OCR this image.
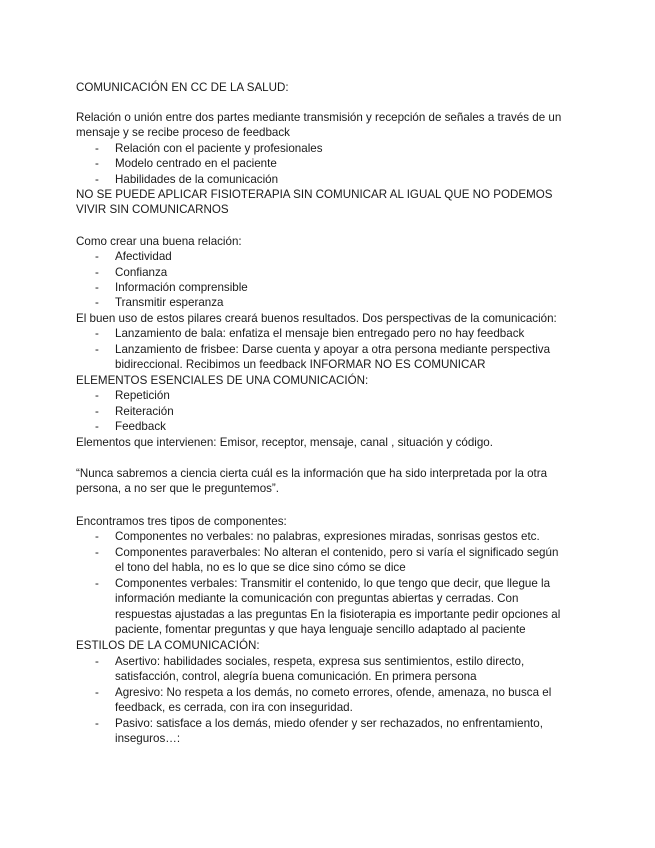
COMUNICACIÓN EN CC DE LA SALUD:
Relación o unión entre dos partes mediante transmisión y recepción de señales a través de un
mensaje y se recibe proceso de feedback
- Relación con el paciente y profesionales
- Modelo centrado en el paciente
- Habilidades de la comunicación
NO SE PUEDE APLICAR FISIOTERAPIA SIN COMUNICAR AL IGUAL QUE NO PODEMOS
VIVIR SIN COMUNICARNOS
Como crear una buena relación:
- Afectividad
- Confianza
- Información comprensible
- Transmitir esperanza
El buen uso de estos pilares creará buenos resultados. Dos perspectivas de la comunicación:
- Lanzamiento de bala: enfatiza el mensaje bien entregado pero no hay feedback
- Lanzamiento de frisbee: Darse cuenta y apoyar a otra persona mediante perspectiva
bidireccional. Recibimos un feedback INFORMAR NO ES COMUNICAR
ELEMENTOS ESENCIALES DE UNA COMUNICACIÓN:
- Repetición
- Reiteración
- Feedback
Elementos que intervienen: Emisor, receptor, mensaje, canal , situación y código.
“Nunca sabremos a ciencia cierta cuál es la información que ha sido interpretada por la otra
persona, a no ser que le preguntemos”.
Encontramos tres tipos de componentes:
- Componentes no verbales: no palabras, expresiones miradas, sonrisas gestos etc.
- Componentes paraverbales: No alteran el contenido, pero si varía el significado según
el tono del habla, no es lo que se dice sino cómo se dice
- Componentes verbales: Transmitir el contenido, lo que tengo que decir, que llegue la
información mediante la comunicación con preguntas abiertas y cerradas. Con
respuestas ajustadas a las preguntas En la fisioterapia es importante pedir opciones al
paciente, fomentar preguntas y que haya lenguaje sencillo adaptado al paciente
ESTILOS DE LA COMUNICACIÓN:
- Asertivo: habilidades sociales, respeta, expresa sus sentimientos, estilo directo,
satisfacción, control, alegría buena comunicación. En primera persona
- Agresivo: No respeta a los demás, no cometo errores, ofende, amenaza, no busca el
feedback, es cerrada, con ira con inseguridad.
- Pasivo: satisface a los demás, miedo ofender y ser rechazados, no enfrentamiento,
inseguros…:
